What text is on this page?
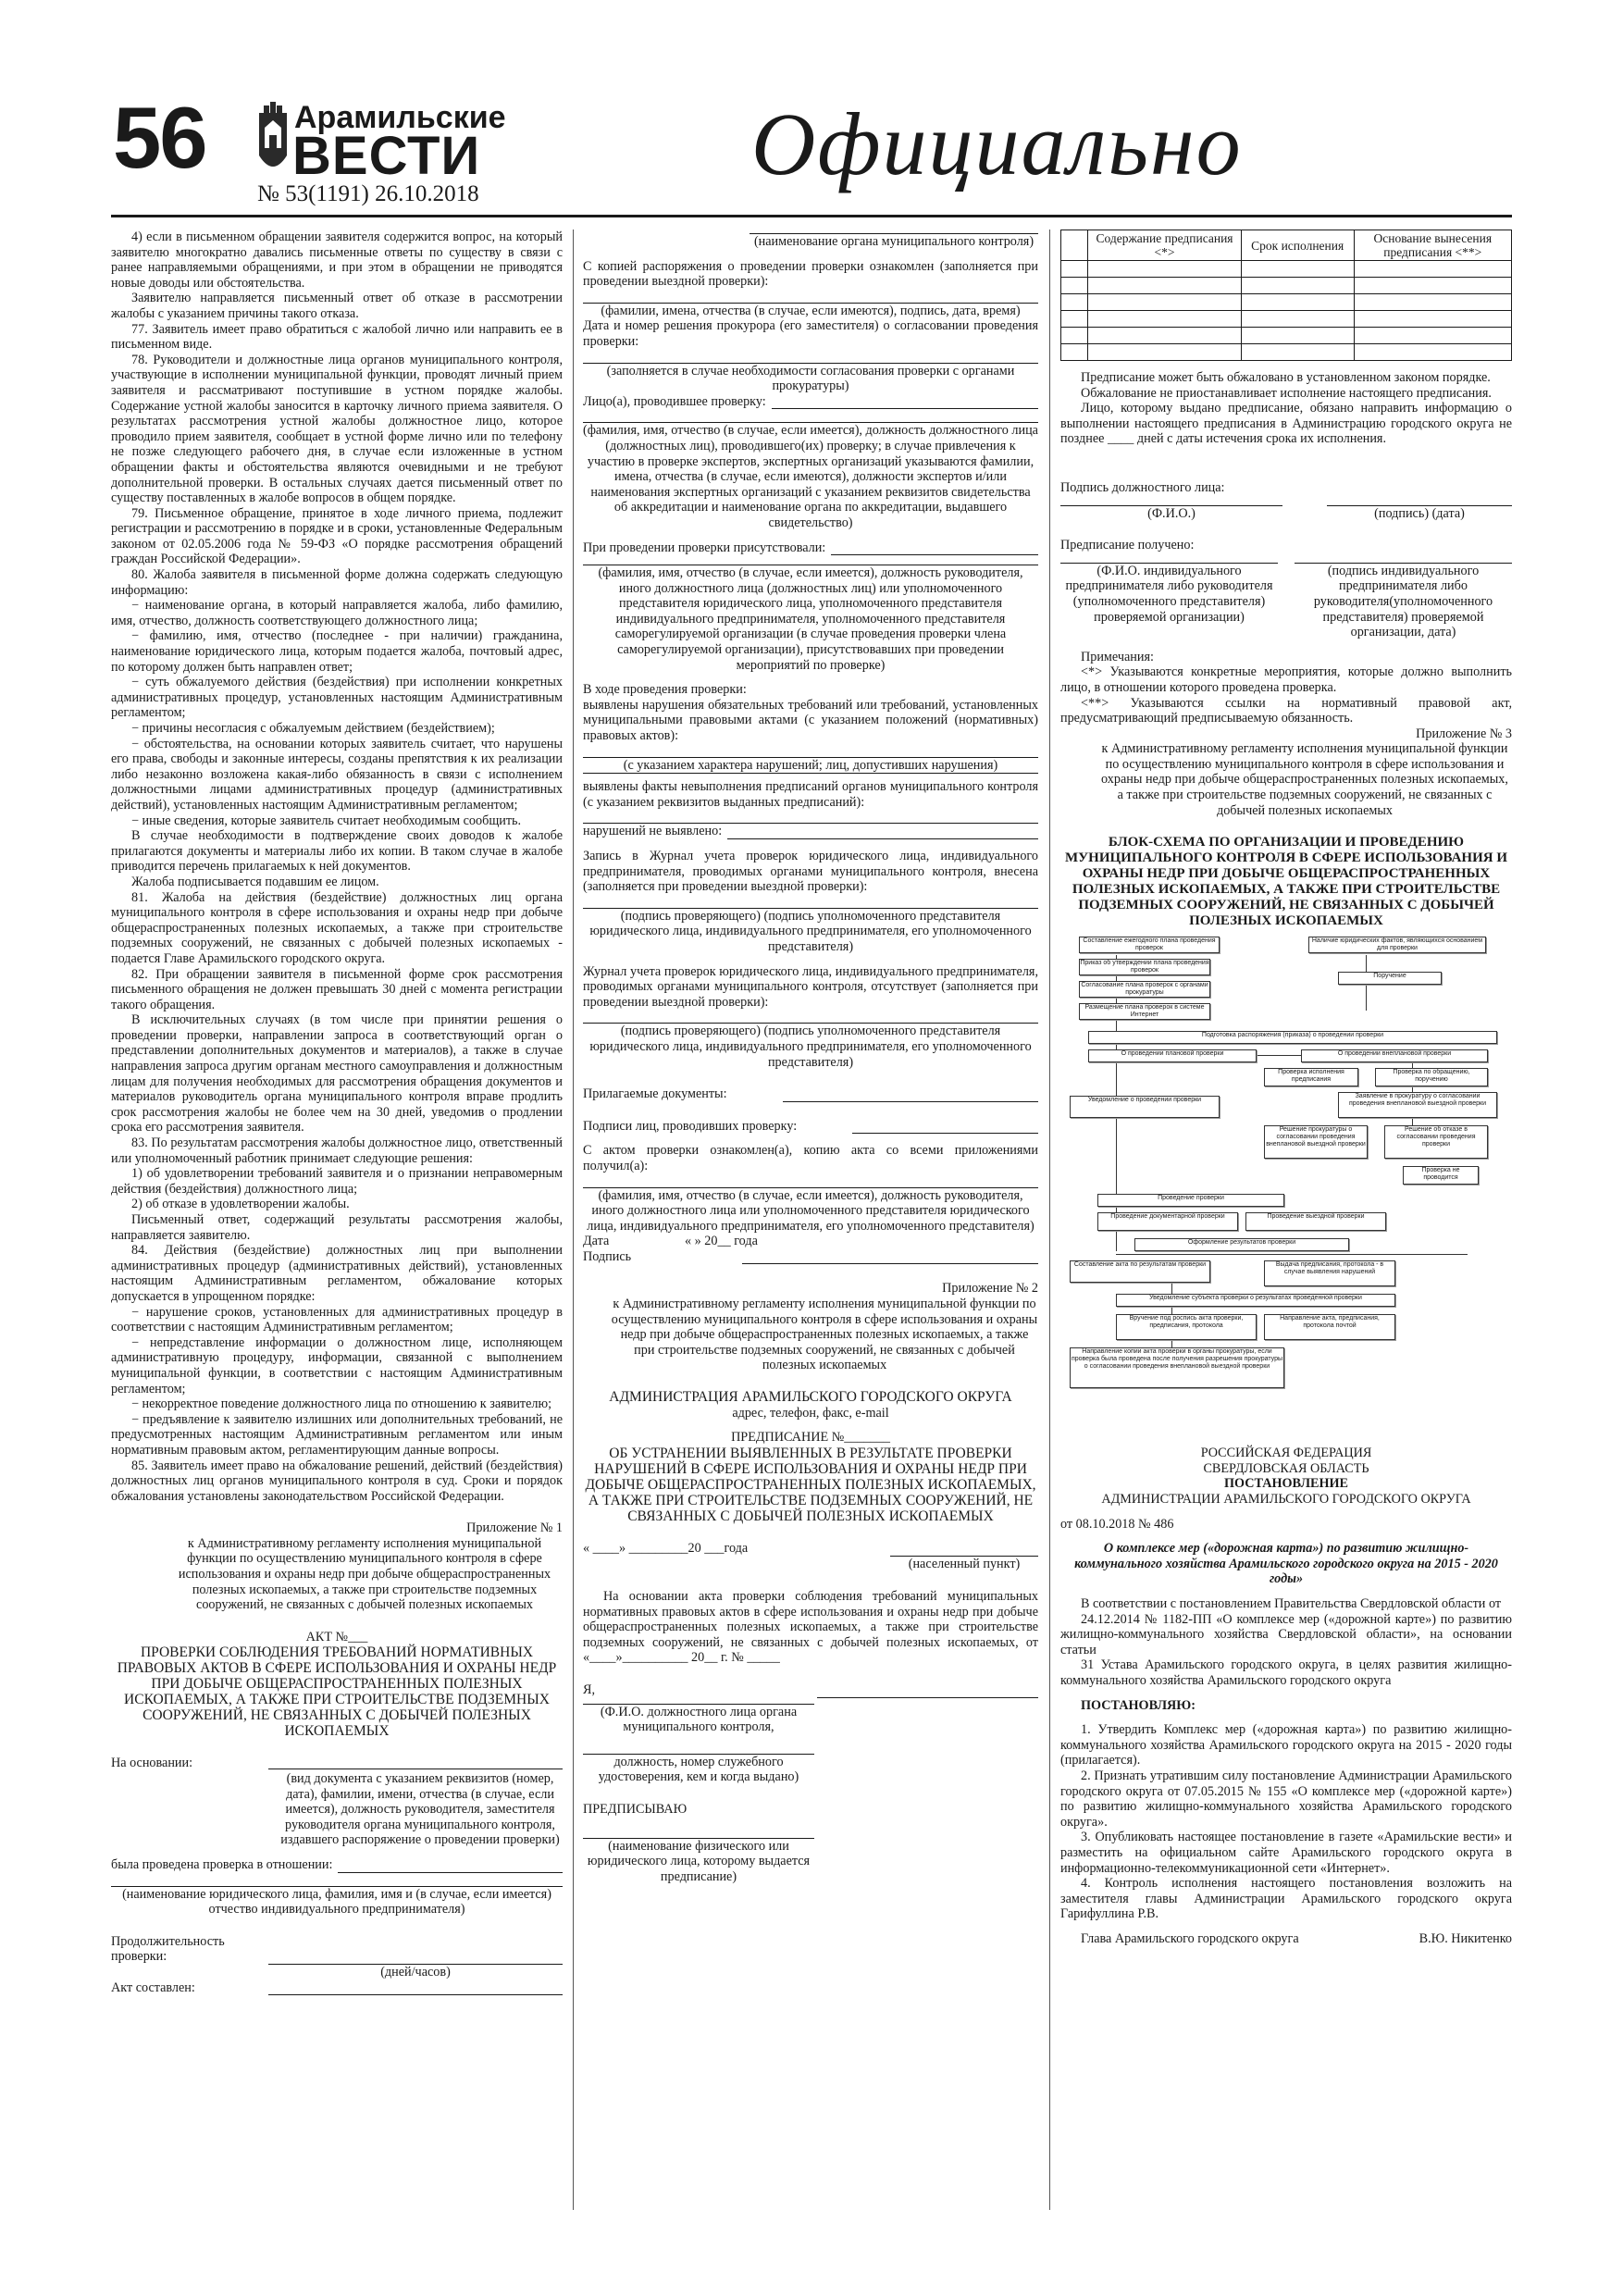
56	Арамильские
ВЕСТИ
№ 53(1191) 26.10.2018
Официально

4) если в письменном обращении заявителя содержится вопрос, на который заявителю многократно давались письменные ответы по существу в связи с ранее направляемыми обращениями, и при этом в обращении не приводятся новые доводы или обстоятельства.

Заявителю направляется письменный ответ об отказе в рассмотрении жалобы с указанием причины такого отказа.

77. Заявитель имеет право обратиться с жалобой лично или направить ее в письменном виде.

78. Руководители и должностные лица органов муниципального контроля, участвующие в исполнении муниципальной функции, проводят личный прием заявителя и рассматривают поступившие в устном порядке жалобы. Содержание устной жалобы заносится в карточку личного приема заявителя. О результатах рассмотрения устной жалобы должностное лицо, которое проводило прием заявителя, сообщает в устной форме лично или по телефону не позже следующего рабочего дня, в случае если изложенные в устном обращении факты и обстоятельства являются очевидными и не требуют дополнительной проверки. В остальных случаях дается письменный ответ по существу поставленных в жалобе вопросов в общем порядке.

79. Письменное обращение, принятое в ходе личного приема, подлежит регистрации и рассмотрению в порядке и в сроки, установленные Федеральным законом от 02.05.2006 года № 59-ФЗ «О порядке рассмотрения обращений граждан Российской Федерации».

80. Жалоба заявителя в письменной форме должна содержать следующую информацию:

− наименование органа, в который направляется жалоба, либо фамилию, имя, отчество, должность соответствующего должностного лица;

− фамилию, имя, отчество (последнее - при наличии) гражданина, наименование юридического лица, которым подается жалоба, почтовый адрес, по которому должен быть направлен ответ;

− суть обжалуемого действия (бездействия) при исполнении конкретных административных процедур, установленных настоящим Административным регламентом;

− причины несогласия с обжалуемым действием (бездействием);

− обстоятельства, на основании которых заявитель считает, что нарушены его права, свободы и законные интересы, созданы препятствия к их реализации либо незаконно возложена какая-либо обязанность в связи с исполнением должностными лицами административных процедур (административных действий), установленных настоящим Административным регламентом;

− иные сведения, которые заявитель считает необходимым сообщить.

В случае необходимости в подтверждение своих доводов к жалобе прилагаются документы и материалы либо их копии. В таком случае в жалобе приводится перечень прилагаемых к ней документов.

Жалоба подписывается подавшим ее лицом.

81. Жалоба на действия (бездействие) должностных лиц органа муниципального контроля в сфере использования и охраны недр при добыче общераспространенных полезных ископаемых, а также при строительстве подземных сооружений, не связанных с добычей полезных ископаемых - подается Главе Арамильского городского округа.

82. При обращении заявителя в письменной форме срок рассмотрения письменного обращения не должен превышать 30 дней с момента регистрации такого обращения.

В исключительных случаях (в том числе при принятии решения о проведении проверки, направлении запроса в соответствующий орган о представлении дополнительных документов и материалов), а также в случае направления запроса другим органам местного самоуправления и должностным лицам для получения необходимых для рассмотрения обращения документов и материалов руководитель органа муниципального контроля вправе продлить срок рассмотрения жалобы не более чем на 30 дней, уведомив о продлении срока его рассмотрения заявителя.

83. По результатам рассмотрения жалобы должностное лицо, ответственный или уполномоченный работник принимает следующие решения:

1) об удовлетворении требований заявителя и о признании неправомерным действия (бездействия) должностного лица;

2) об отказе в удовлетворении жалобы.

Письменный ответ, содержащий результаты рассмотрения жалобы, направляется заявителю.

84. Действия (бездействие) должностных лиц при выполнении административных процедур (административных действий), установленных настоящим Административным регламентом, обжалование которых допускается в упрощенном порядке:

− нарушение сроков, установленных для административных процедур в соответствии с настоящим Административным регламентом;

− непредставление информации о должностном лице, исполняющем административную процедуру, информации, связанной с выполнением муниципальной функции, в соответствии с настоящим Административным регламентом;

− некорректное поведение должностного лица по отношению к заявителю;

− предъявление к заявителю излишних или дополнительных требований, не предусмотренных настоящим Административным регламентом или иным нормативным правовым актом, регламентирующим данные вопросы.

85. Заявитель имеет право на обжалование решений, действий (бездействия) должностных лиц органов муниципального контроля в суд. Сроки и порядок обжалования установлены законодательством Российской Федерации.

Приложение № 1

к Административному регламенту исполнения муниципальной функции по осуществлению муниципального контроля в сфере использования и охраны недр при добыче общераспространенных полезных ископаемых, а также при строительстве подземных сооружений, не связанных с добычей полезных ископаемых

АКТ №___

ПРОВЕРКИ СОБЛЮДЕНИЯ ТРЕБОВАНИЙ НОРМАТИВНЫХ ПРАВОВЫХ АКТОВ В СФЕРЕ ИСПОЛЬЗОВАНИЯ И ОХРАНЫ НЕДР ПРИ ДОБЫЧЕ ОБЩЕРАСПРОСТРАНЕННЫХ ПОЛЕЗНЫХ ИСКОПАЕМЫХ, А ТАКЖЕ ПРИ СТРОИТЕЛЬСТВЕ ПОДЗЕМНЫХ СООРУЖЕНИЙ, НЕ СВЯЗАННЫХ С ДОБЫЧЕЙ ПОЛЕЗНЫХ ИСКОПАЕМЫХ

На основании:

(вид документа с указанием реквизитов (номер, дата), фамилии, имени, отчества (в случае, если имеется), должность руководителя, заместителя руководителя органа муниципального контроля, издавшего распоряжение о проведении проверки)

была проведена проверка в отношении:

(наименование юридического лица, фамилия, имя и (в случае, если имеется) отчество индивидуального предпринимателя)

Продолжительность проверки:

(дней/часов)

Акт составлен:

(наименование органа муниципального контроля)

С копией распоряжения о проведении проверки ознакомлен (заполняется при проведении выездной проверки):

(фамилии, имена, отчества (в случае, если имеются), подпись, дата, время)

Дата и номер решения прокурора (его заместителя) о согласовании проведения проверки:

(заполняется в случае необходимости согласования проверки с органами прокуратуры)

Лицо(а), проводившее проверку:

(фамилия, имя, отчество (в случае, если имеется), должность должностного лица (должностных лиц), проводившего(их) проверку; в случае привлечения к участию в проверке экспертов, экспертных организаций указываются фамилии, имена, отчества (в случае, если имеются), должности экспертов и/или наименования экспертных организаций с указанием реквизитов свидетельства об аккредитации и наименование органа по аккредитации, выдавшего свидетельство)

При проведении проверки присутствовали:

(фамилия, имя, отчество (в случае, если имеется), должность руководителя, иного должностного лица (должностных лиц) или уполномоченного представителя юридического лица, уполномоченного представителя индивидуального предпринимателя, уполномоченного представителя саморегулируемой организации (в случае проведения проверки члена саморегулируемой организации), присутствовавших при проведении мероприятий по проверке)

В ходе проведения проверки:

выявлены нарушения обязательных требований или требований, установленных муниципальными правовыми актами (с указанием положений (нормативных) правовых актов):

(с указанием характера нарушений; лиц, допустивших нарушения)

выявлены факты невыполнения предписаний органов муниципального контроля (с указанием реквизитов выданных предписаний):

нарушений не выявлено:

Запись в Журнал учета проверок юридического лица, индивидуального предпринимателя, проводимых органами муниципального контроля, внесена (заполняется при проведении выездной проверки):

(подпись проверяющего) (подпись уполномоченного представителя юридического лица, индивидуального предпринимателя, его уполномоченного представителя)

Журнал учета проверок юридического лица, индивидуального предпринимателя, проводимых органами муниципального контроля, отсутствует (заполняется при проведении выездной проверки):

(подпись проверяющего) (подпись уполномоченного представителя юридического лица, индивидуального предпринимателя, его уполномоченного представителя)

Прилагаемые документы:
Подписи лиц, проводивших проверку:

С актом проверки ознакомлен(а), копию акта со всеми приложениями получил(а):

(фамилия, имя, отчество (в случае, если имеется), должность руководителя, иного должностного лица или уполномоченного представителя юридического лица, индивидуального предпринимателя, его уполномоченного представителя)

Дата	« » 20__ года
Подпись

Приложение № 2

к Административному регламенту исполнения муниципальной функции по осуществлению муниципального контроля в сфере использования и охраны недр при добыче общераспространенных полезных ископаемых, а также при строительстве подземных сооружений, не связанных с добычей полезных ископаемых

АДМИНИСТРАЦИЯ АРАМИЛЬСКОГО ГОРОДСКОГО ОКРУГА

адрес, телефон, факс, e-mail

ПРЕДПИСАНИЕ №_______

ОБ УСТРАНЕНИИ ВЫЯВЛЕННЫХ В РЕЗУЛЬТАТЕ ПРОВЕРКИ НАРУШЕНИЙ В СФЕРЕ ИСПОЛЬЗОВАНИЯ И ОХРАНЫ НЕДР ПРИ ДОБЫЧЕ ОБЩЕРАСПРОСТРАНЕННЫХ ПОЛЕЗНЫХ ИСКОПАЕМЫХ, А ТАКЖЕ ПРИ СТРОИТЕЛЬСТВЕ ПОДЗЕМНЫХ СООРУЖЕНИЙ, НЕ СВЯЗАННЫХ С ДОБЫЧЕЙ ПОЛЕЗНЫХ ИСКОПАЕМЫХ

« ____» _________20 ___года
(населенный пункт)

На основании акта проверки соблюдения требований муниципальных нормативных правовых актов в сфере использования и охраны недр при добыче общераспространенных полезных ископаемых, а также при строительстве подземных сооружений, не связанных с добычей полезных ископаемых, от «____»__________ 20__ г. № _____

Я,
(Ф.И.О. должностного лица органа муниципального контроля,
должность, номер служебного удостоверения, кем и когда выдано)
ПРЕДПИСЫВАЮ
(наименование физического или юридического лица, которому выдается предписание)
	Содержание предписания <*>	Срок исполнения	Основание вынесения предписания <**>

Предписание может быть обжаловано в установленном законом порядке.

Обжалование не приостанавливает исполнение настоящего предписания.

Лицо, которому выдано предписание, обязано направить информацию о выполнении настоящего предписания в Администрацию городского округа не позднее ____ дней с даты истечения срока их исполнения.

Подпись должностного лица:

(Ф.И.О.)	(подпись) (дата)

Предписание получено:

(Ф.И.О. индивидуального предпринимателя либо руководителя (уполномоченного представителя) проверяемой организации)
(подпись индивидуального предпринимателя либо руководителя(уполномоченного представителя) проверяемой организации, дата)

Примечания:

<*> Указываются конкретные мероприятия, которые должно выполнить лицо, в отношении которого проведена проверка.

<**> Указываются ссылки на нормативный правовой акт, предусматривающий предписываемую обязанность.

Приложение № 3

к Административному регламенту исполнения муниципальной функции по осуществлению муниципального контроля в сфере использования и охраны недр при добыче общераспространенных полезных ископаемых, а также при строительстве подземных сооружений, не связанных с добычей полезных ископаемых

БЛОК-СХЕМА ПО ОРГАНИЗАЦИИ И ПРОВЕДЕНИЮ МУНИЦИПАЛЬНОГО КОНТРОЛЯ В СФЕРЕ ИСПОЛЬЗОВАНИЯ И ОХРАНЫ НЕДР ПРИ ДОБЫЧЕ ОБЩЕРАСПРОСТРАНЕННЫХ ПОЛЕЗНЫХ ИСКОПАЕМЫХ, А ТАКЖЕ ПРИ СТРОИТЕЛЬСТВЕ ПОДЗЕМНЫХ СООРУЖЕНИЙ, НЕ СВЯЗАННЫХ С ДОБЫЧЕЙ ПОЛЕЗНЫХ ИСКОПАЕМЫХ

Составление ежегодного плана проведения проверок
Наличие юридических фактов, являющихся основанием для проверки
Приказ об утверждении плана проведения проверок
Поручение
Согласование плана проверок с органами прокуратуры
Размещение плана проверок в системе Интернет
Подготовка распоряжения (приказа) о проведении проверки
О проведении плановой проверки	О проведении внеплановой проверки
Проверка исполнения предписания
Проверка по обращению, поручению
Уведомление о проведении проверки
Заявление в прокуратуру о согласовании проведения внеплановой выездной проверки
Решение прокуратуры о согласовании проведения внеплановой выездной проверки
Решение об отказе в согласовании проведения проверки
Проверка не проводится
Проведение проверки
Проведение документарной проверки	Проведение выездной проверки
Оформление результатов проверки
Составление акта по результатам проверки	Выдача предписания, протокола - в случае выявления нарушений
Уведомление субъекта проверки о результатах проведенной проверки
Вручение под роспись акта проверки, предписания, протокола
Направление акта, предписания, протокола почтой
Направление копии акта проверки в органы прокуратуры, если проверка была проведена после получения разрешения прокуратуры о согласовании проведения внеплановой выездной проверки

РОССИЙСКАЯ ФЕДЕРАЦИЯ

СВЕРДЛОВСКАЯ ОБЛАСТЬ

ПОСТАНОВЛЕНИЕ

АДМИНИСТРАЦИИ АРАМИЛЬСКОГО ГОРОДСКОГО ОКРУГА

от 08.10.2018 № 486

О комплексе мер («дорожная карта») по развитию жилищно-коммунального хозяйства Арамильского городского округа на 2015 - 2020 годы»

В соответствии с постановлением Правительства Свердловской области от

24.12.2014 № 1182-ПП «О комплексе мер («дорожной карте») по развитию жилищно-коммунального хозяйства Свердловской области», на основании статьи

31 Устава Арамильского городского округа, в целях развития жилищно-коммунального хозяйства Арамильского городского округа

ПОСТАНОВЛЯЮ:

1. Утвердить Комплекс мер («дорожная карта») по развитию жилищно-коммунального хозяйства Арамильского городского округа на 2015 - 2020 годы (прилагается).

2. Признать утратившим силу постановление Администрации Арамильского городского округа от 07.05.2015 № 155 «О комплексе мер («дорожной карте») по развитию жилищно-коммунального хозяйства Арамильского городского округа».

3. Опубликовать настоящее постановление в газете «Арамильские вести» и разместить на официальном сайте Арамильского городского округа в информационно-телекоммуникационной сети «Интернет».

4. Контроль исполнения настоящего постановления возложить на заместителя главы Администрации Арамильского городского округа Гарифуллина Р.В.

Глава Арамильского городского округа	В.Ю. Никитенко
